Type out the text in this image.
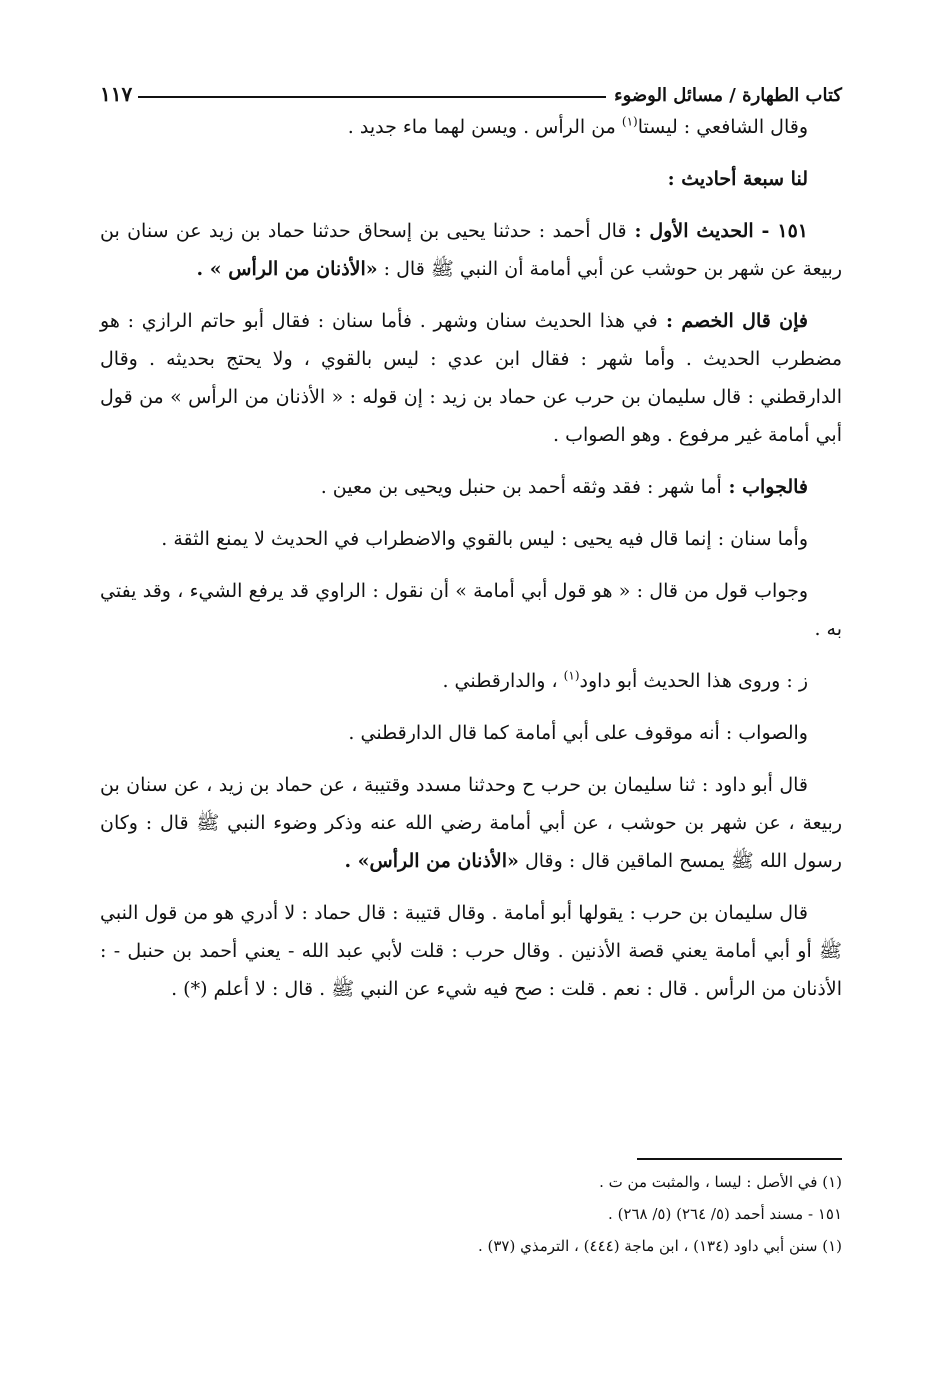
كتاب الطهارة / مسائل الوضوء
١١٧

وقال الشافعي : ليستا$^{(١)}$ من الرأس . ويسن لهما ماء جديد .

لنا سبعة أحاديث :

١٥١ - الحديث الأول : قال أحمد : حدثنا يحيى بن إسحاق حدثنا حماد بن زيد عن سنان بن ربيعة عن شهر بن حوشب عن أبي أمامة أن النبي ﷺ قال : «الأذنان من الرأس » .

فإن قال الخصم : في هذا الحديث سنان وشهر . فأما سنان : فقال أبو حاتم الرازي : هو مضطرب الحديث . وأما شهر : فقال ابن عدي : ليس بالقوي ، ولا يحتج بحديثه . وقال الدارقطني : قال سليمان بن حرب عن حماد بن زيد : إن قوله : « الأذنان من الرأس » من قول أبي أمامة غير مرفوع . وهو الصواب .

فالجواب : أما شهر : فقد وثقه أحمد بن حنبل ويحيى بن معين .

وأما سنان : إنما قال فيه يحيى : ليس بالقوي والاضطراب في الحديث لا يمنع الثقة .

وجواب قول من قال : « هو قول أبي أمامة » أن نقول : الراوي قد يرفع الشيء ، وقد يفتي به .

ز : وروى هذا الحديث أبو داود$^{(١)}$ ، والدارقطني .

والصواب : أنه موقوف على أبي أمامة كما قال الدارقطني .

قال أبو داود : ثنا سليمان بن حرب ح وحدثنا مسدد وقتيبة ، عن حماد بن زيد ، عن سنان بن ربيعة ، عن شهر بن حوشب ، عن أبي أمامة رضي الله عنه وذكر وضوء النبي ﷺ قال : وكان رسول الله ﷺ يمسح الماقين قال : وقال «الأذنان من الرأس» .

قال سليمان بن حرب : يقولها أبو أمامة . وقال قتيبة : قال حماد : لا أدري هو من قول النبي ﷺ أو أبي أمامة يعني قصة الأذنين . وقال حرب : قلت لأبي عبد الله - يعني أحمد بن حنبل - : الأذنان من الرأس . قال : نعم . قلت : صح فيه شيء عن النبي ﷺ . قال : لا أعلم (*) .

(١) في الأصل : ليسا ، والمثبت من ت .

١٥١ - مسند أحمد (٥/ ٢٦٤) (٥/ ٢٦٨) .

(١) سنن أبي داود (١٣٤) ، ابن ماجة (٤٤٤) ، الترمذي (٣٧) .
